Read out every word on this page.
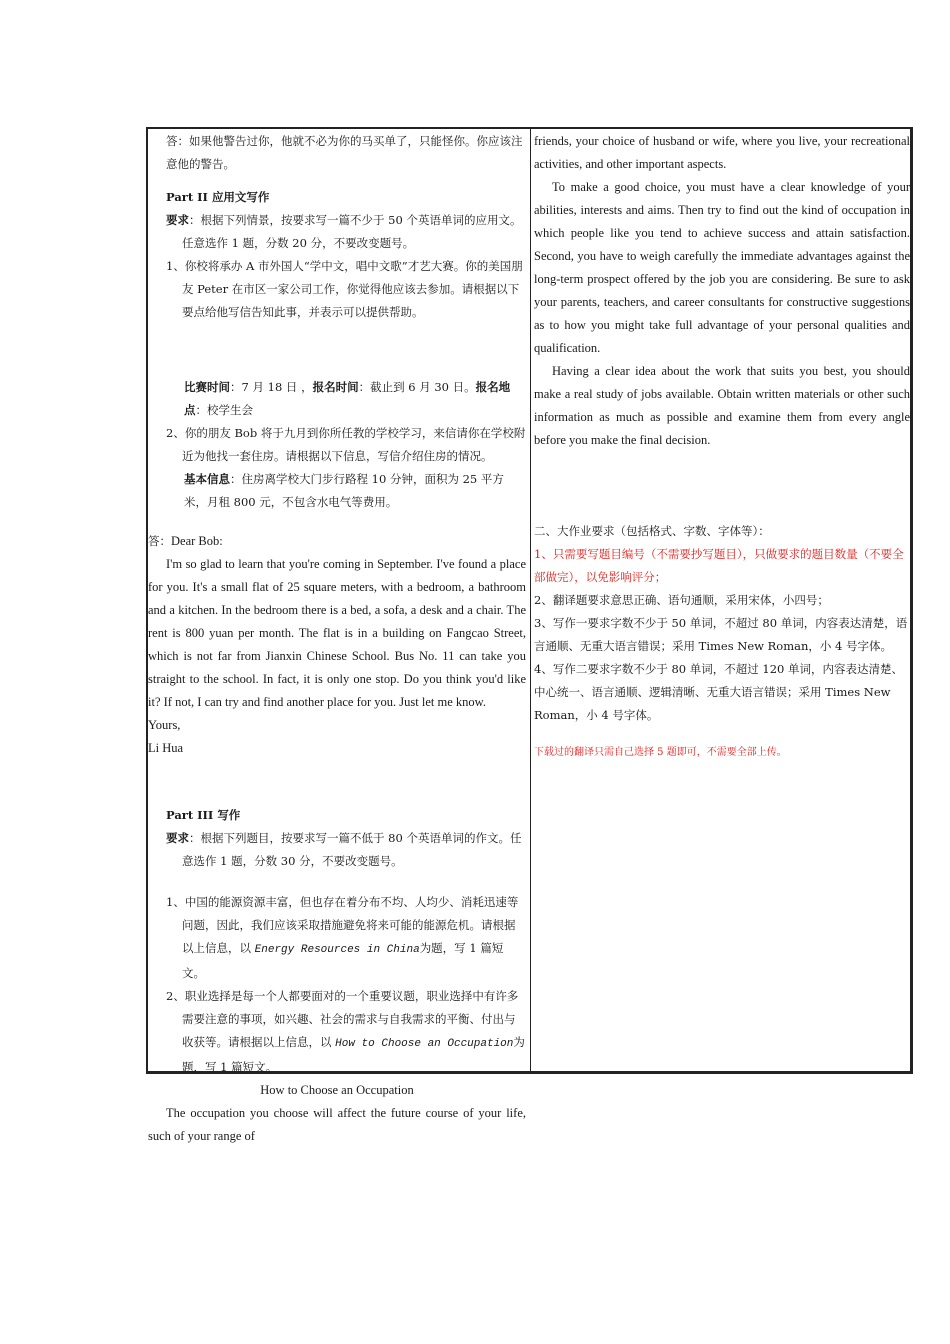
答：如果他警告过你，他就不必为你的马买单了，只能怪你。你应该注意他的警告。

Part II 应用文写作

要求：根据下列情景，按要求写一篇不少于 50 个英语单词的应用文。任意选作 1 题，分数 20 分，不要改变题号。

1、你校将承办 A 市外国人“学中文，唱中文歌”才艺大赛。你的美国朋友 Peter 在市区一家公司工作，你觉得他应该去参加。请根据以下要点给他写信告知此事，并表示可以提供帮助。

比赛时间：7 月 18 日 ，报名时间：截止到 6 月 30 日。报名地点：校学生会

2、你的朋友 Bob 将于九月到你所任教的学校学习，来信请你在学校附近为他找一套住房。请根据以下信息，写信介绍住房的情况。

基本信息：住房离学校大门步行路程 10 分钟，面积为 25 平方米，月租 800 元，不包含水电气等费用。

答：Dear Bob:

I'm so glad to learn that you're coming in September. I've found a place for you. It's a small flat of 25 square meters, with a bedroom, a bathroom and a kitchen. In the bedroom there is a bed, a sofa, a desk and a chair. The rent is 800 yuan per month. The flat is in a building on Fangcao Street, which is not far from Jianxin Chinese School. Bus No. 11 can take you straight to the school. In fact, it is only one stop. Do you think you'd like it? If not, I can try and find another place for you. Just let me know.

Yours,

Li Hua

Part III 写作

要求：根据下列题目，按要求写一篇不低于 80 个英语单词的作文。任意选作 1 题，分数 30 分，不要改变题号。

1、中国的能源资源丰富，但也存在着分布不均、人均少、消耗迅速等问题，因此，我们应该采取措施避免将来可能的能源危机。请根据以上信息，以 Energy Resources in China为题，写 1 篇短文。

2、职业选择是每一个人都要面对的一个重要议题，职业选择中有许多需要注意的事项，如兴趣、社会的需求与自我需求的平衡、付出与收获等。请根据以上信息，以 How to Choose an Occupation为题，写 1 篇短文。

How to Choose an Occupation

The occupation you choose will affect the future course of your life, such of your range of

friends, your choice of husband or wife, where you live, your recreational activities, and other important aspects.

To make a good choice, you must have a clear knowledge of your abilities, interests and aims. Then try to find out the kind of occupation in which people like you tend to achieve success and attain satisfaction. Second, you have to weigh carefully the immediate advantages against the long-term prospect offered by the job you are considering. Be sure to ask your parents, teachers, and career consultants for constructive suggestions as to how you might take full advantage of your personal qualities and qualification.

Having a clear idea about the work that suits you best, you should make a real study of jobs available. Obtain written materials or other such information as much as possible and examine them from every angle before you make the final decision.

二、大作业要求（包括格式、字数、字体等）：

1、只需要写题目编号（不需要抄写题目），只做要求的题目数量（不要全部做完），以免影响评分；

2、翻译题要求意思正确、语句通顺，采用宋体，小四号；

3、写作一要求字数不少于 50 单词，不超过 80 单词，内容表达清楚，语言通顺、无重大语言错误；采用 Times New Roman，小 4 号字体。

4、写作二要求字数不少于 80 单词，不超过 120 单词，内容表达清楚、中心统一、语言通顺、逻辑清晰、无重大语言错误；采用 Times New Roman，小 4 号字体。

下载过的翻译只需自己选择 5 题即可，不需要全部上传。
